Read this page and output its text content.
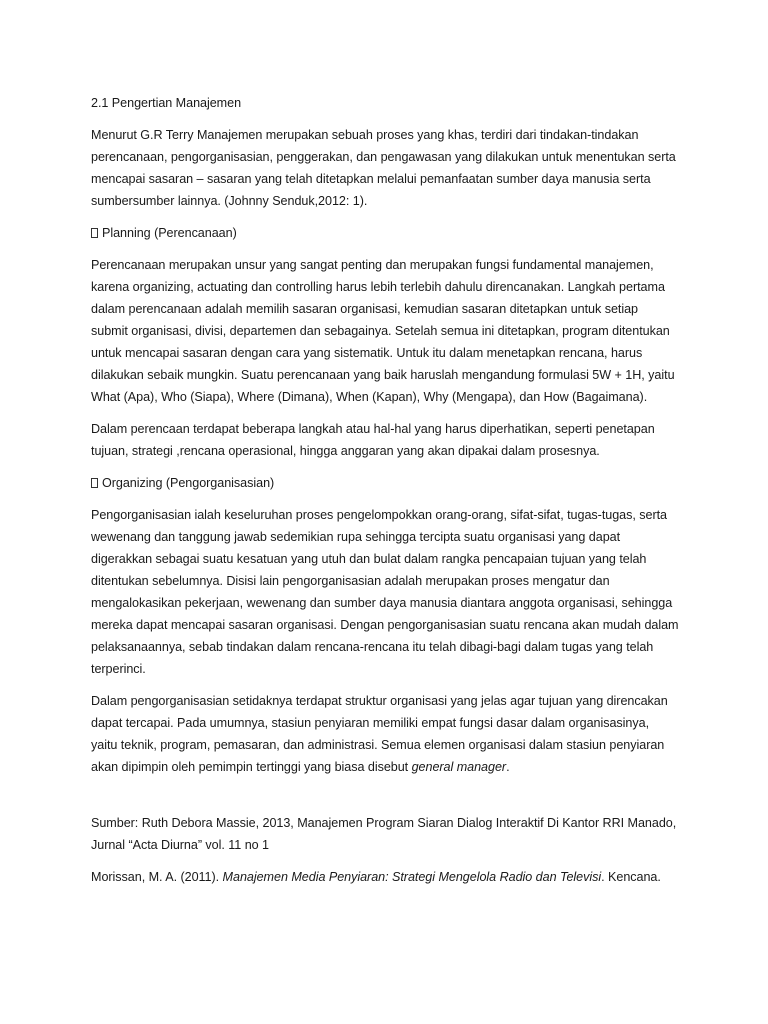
2.1 Pengertian Manajemen

Menurut G.R Terry Manajemen merupakan sebuah proses yang khas, terdiri dari tindakan-tindakan
perencanaan, pengorganisasian, penggerakan, dan pengawasan yang dilakukan untuk menentukan serta
mencapai sasaran – sasaran yang telah ditetapkan melalui pemanfaatan sumber daya manusia serta
sumbersumber lainnya. (Johnny Senduk,2012: 1).

Planning (Perencanaan)

Perencanaan merupakan unsur yang sangat penting dan merupakan fungsi fundamental manajemen,
karena organizing, actuating dan controlling harus lebih terlebih dahulu direncanakan. Langkah pertama
dalam perencanaan adalah memilih sasaran organisasi, kemudian sasaran ditetapkan untuk setiap
submit organisasi, divisi, departemen dan sebagainya. Setelah semua ini ditetapkan, program ditentukan
untuk mencapai sasaran dengan cara yang sistematik. Untuk itu dalam menetapkan rencana, harus
dilakukan sebaik mungkin. Suatu perencanaan yang baik haruslah mengandung formulasi 5W + 1H, yaitu
What (Apa), Who (Siapa), Where (Dimana), When (Kapan), Why (Mengapa), dan How (Bagaimana).

Dalam perencaan terdapat beberapa langkah atau hal-hal yang harus diperhatikan, seperti penetapan
tujuan, strategi ,rencana operasional, hingga anggaran yang akan dipakai dalam prosesnya.

Organizing (Pengorganisasian)

Pengorganisasian ialah keseluruhan proses pengelompokkan orang-orang, sifat-sifat, tugas-tugas, serta
wewenang dan tanggung jawab sedemikian rupa sehingga tercipta suatu organisasi yang dapat
digerakkan sebagai suatu kesatuan yang utuh dan bulat dalam rangka pencapaian tujuan yang telah
ditentukan sebelumnya. Disisi lain pengorganisasian adalah merupakan proses mengatur dan
mengalokasikan pekerjaan, wewenang dan sumber daya manusia diantara anggota organisasi, sehingga
mereka dapat mencapai sasaran organisasi. Dengan pengorganisasian suatu rencana akan mudah dalam
pelaksanaannya, sebab tindakan dalam rencana-rencana itu telah dibagi-bagi dalam tugas yang telah
terperinci.

Dalam pengorganisasian setidaknya terdapat struktur organisasi yang jelas agar tujuan yang direncakan
dapat tercapai. Pada umumnya, stasiun penyiaran memiliki empat fungsi dasar dalam organisasinya,
yaitu teknik, program, pemasaran, dan administrasi. Semua elemen organisasi dalam stasiun penyiaran
akan dipimpin oleh pemimpin tertinggi yang biasa disebut general manager.

Sumber: Ruth Debora Massie, 2013, Manajemen Program Siaran Dialog Interaktif Di Kantor RRI Manado,
Jurnal “Acta Diurna” vol. 11 no 1

Morissan, M. A. (2011). Manajemen Media Penyiaran: Strategi Mengelola Radio dan Televisi. Kencana.
